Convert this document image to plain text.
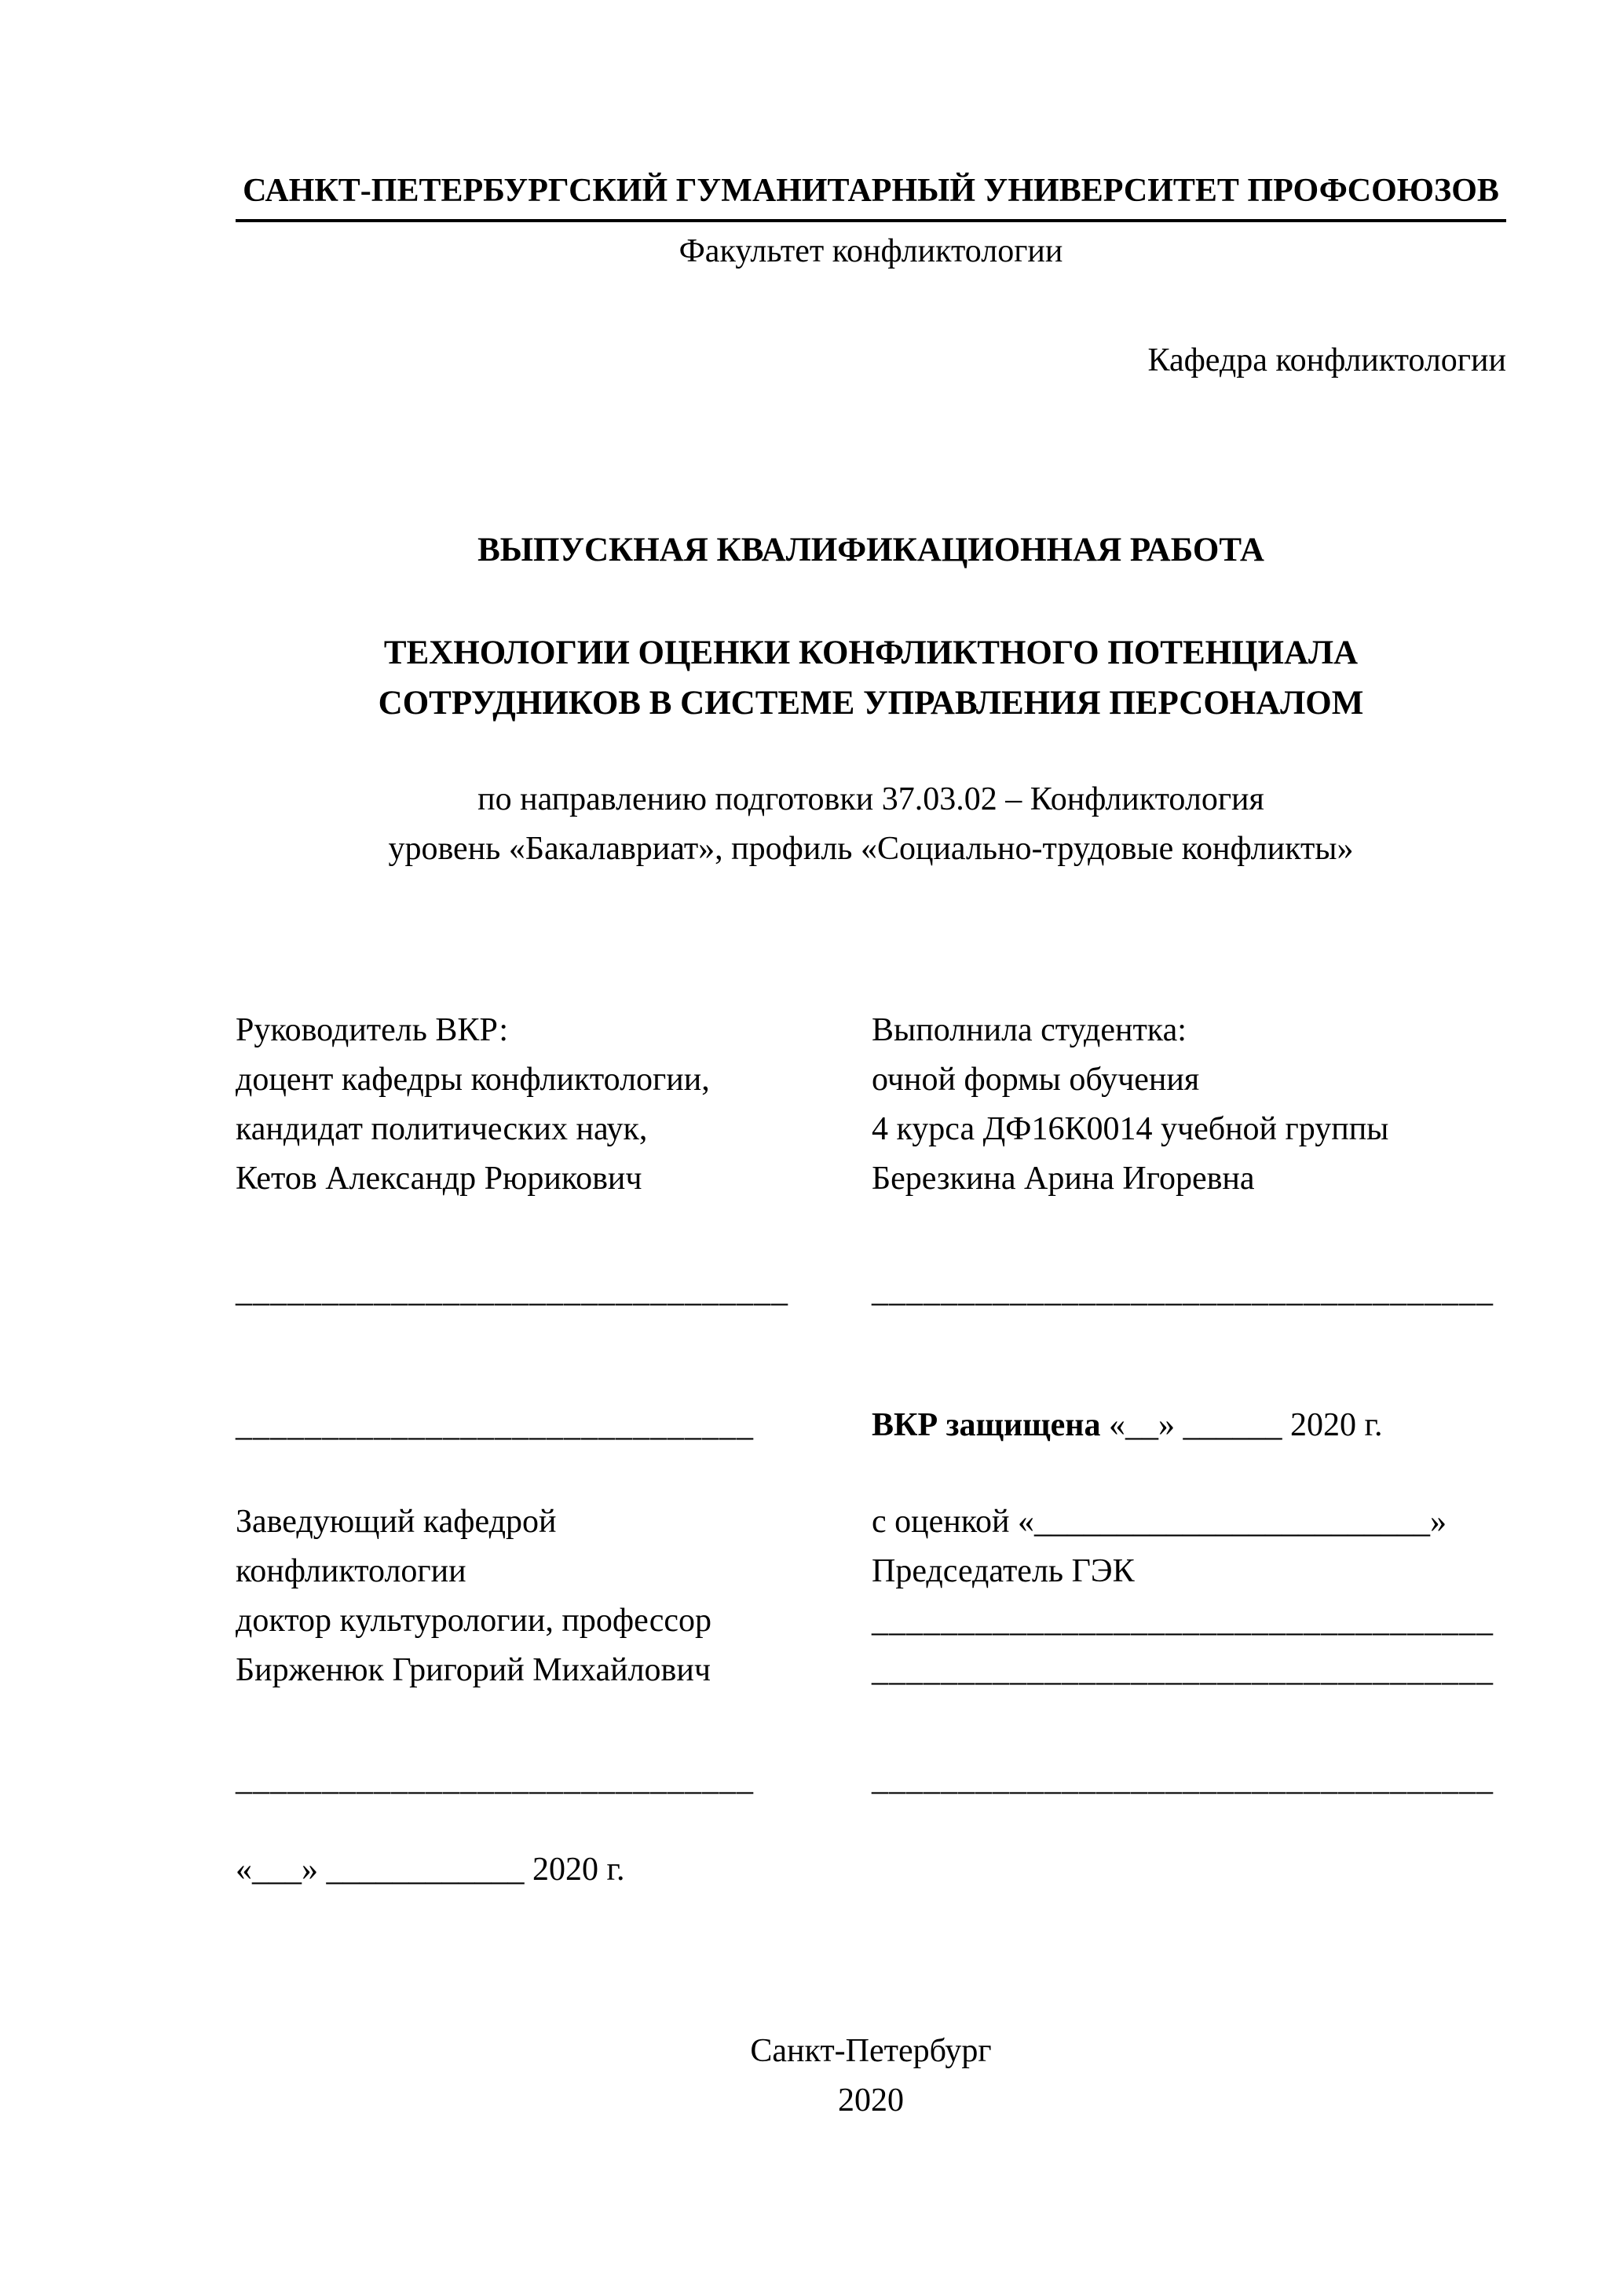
САНКТ-ПЕТЕРБУРГСКИЙ ГУМАНИТАРНЫЙ УНИВЕРСИТЕТ ПРОФСОЮЗОВ
Факультет конфликтологии
Кафедра конфликтологии
ВЫПУСКНАЯ КВАЛИФИКАЦИОННАЯ РАБОТА
ТЕХНОЛОГИИ ОЦЕНКИ КОНФЛИКТНОГО ПОТЕНЦИАЛА
СОТРУДНИКОВ В СИСТЕМЕ УПРАВЛЕНИЯ ПЕРСОНАЛОМ
по направлению подготовки 37.03.02 – Конфликтология
уровень «Бакалавриат», профиль «Социально-трудовые конфликты»
Руководитель ВКР:
доцент кафедры конфликтологии,
кандидат политических наук,
Кетов Александр Рюрикович
Выполнила студентка:
очной формы обучения
4 курса ДФ16К0014 учебной группы
Березкина Арина Игоревна
________________________________	____________________________________
______________________________	ВКР защищена «__» ______ 2020 г.
Заведующий кафедрой
конфликтологии
доктор культурологии, профессор
Бирженюк Григорий Михайлович
с оценкой «________________________»
Председатель ГЭК
____________________________________
____________________________________
______________________________	____________________________________
«___» ____________ 2020 г.
Санкт-Петербург
2020
